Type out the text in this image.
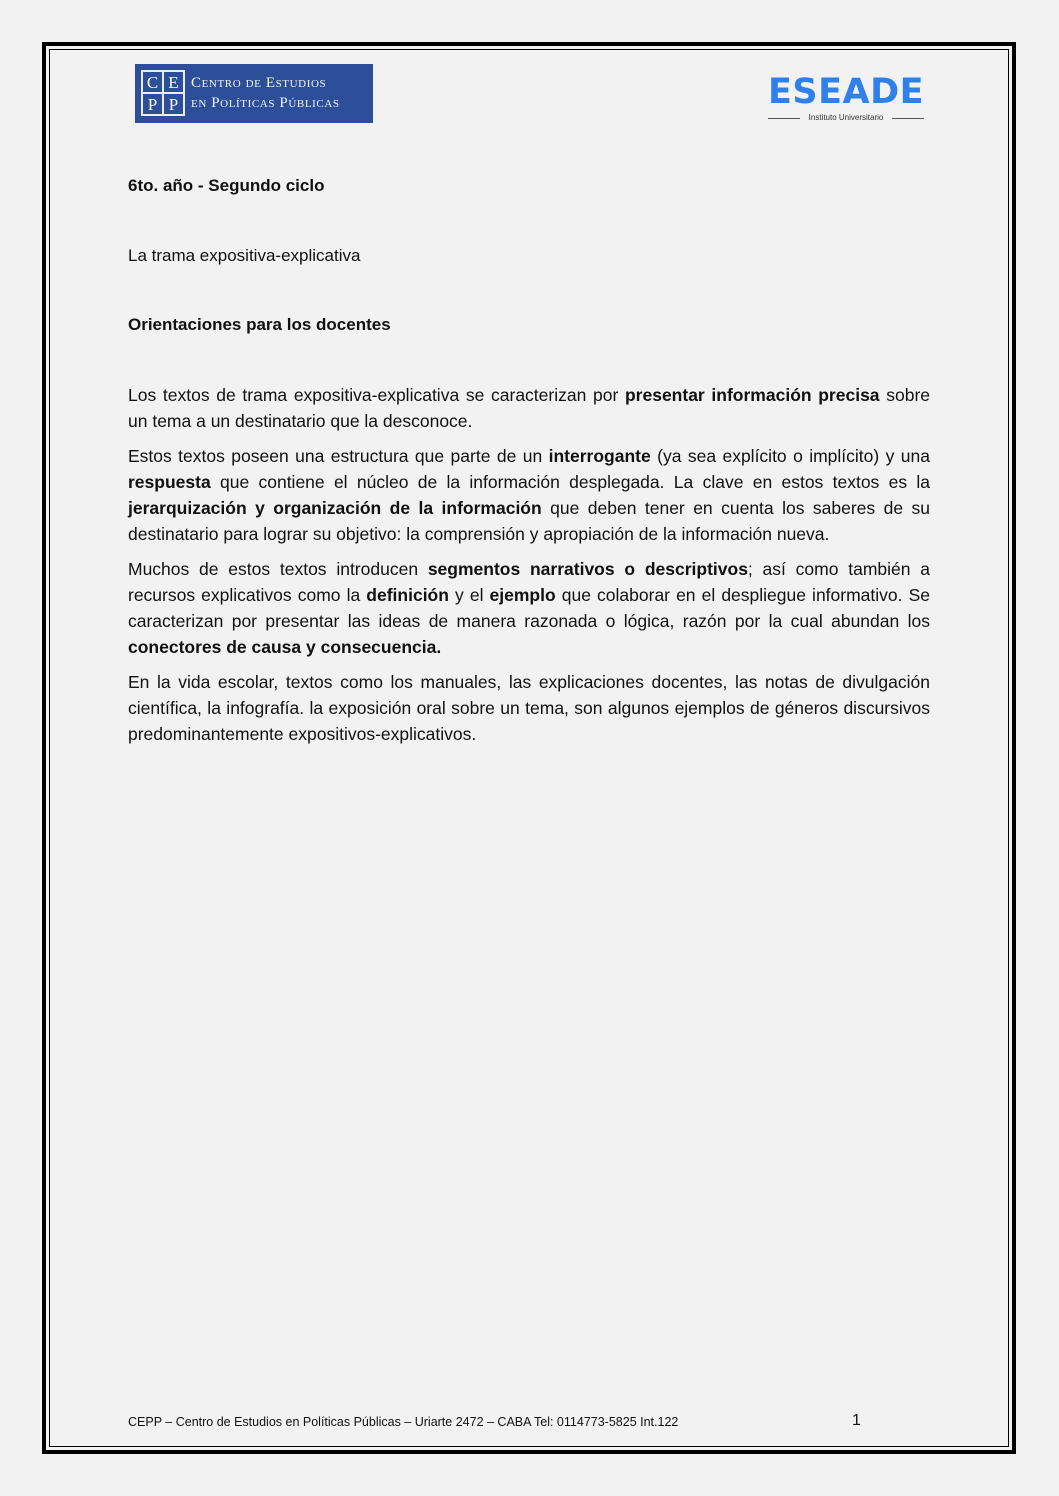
C E
P P
Centro de Estudios
en Políticas Públicas	ESEADE
Instituto Universitario
6to. año - Segundo ciclo
La trama expositiva-explicativa
Orientaciones para los docentes

Los textos de trama expositiva-explicativa se caracterizan por presentar información precisa sobre un tema a un destinatario que la desconoce.

Estos textos poseen una estructura que parte de un interrogante (ya sea explícito o implícito) y una respuesta que contiene el núcleo de la información desplegada. La clave en estos textos es la jerarquización y organización de la información que deben tener en cuenta los saberes de su destinatario para lograr su objetivo: la comprensión y apropiación de la información nueva.

Muchos de estos textos introducen segmentos narrativos o descriptivos; así como también a recursos explicativos como la definición y el ejemplo que colaborar en el despliegue informativo. Se caracterizan por presentar las ideas de manera razonada o lógica, razón por la cual abundan los conectores de causa y consecuencia.

En la vida escolar, textos como los manuales, las explicaciones docentes, las notas de divulgación científica, la infografía. la exposición oral sobre un tema, son algunos ejemplos de géneros discursivos predominantemente expositivos-explicativos.

CEPP – Centro de Estudios en Políticas Públicas – Uriarte 2472 – CABA Tel: 0114773-5825 Int.122	1
